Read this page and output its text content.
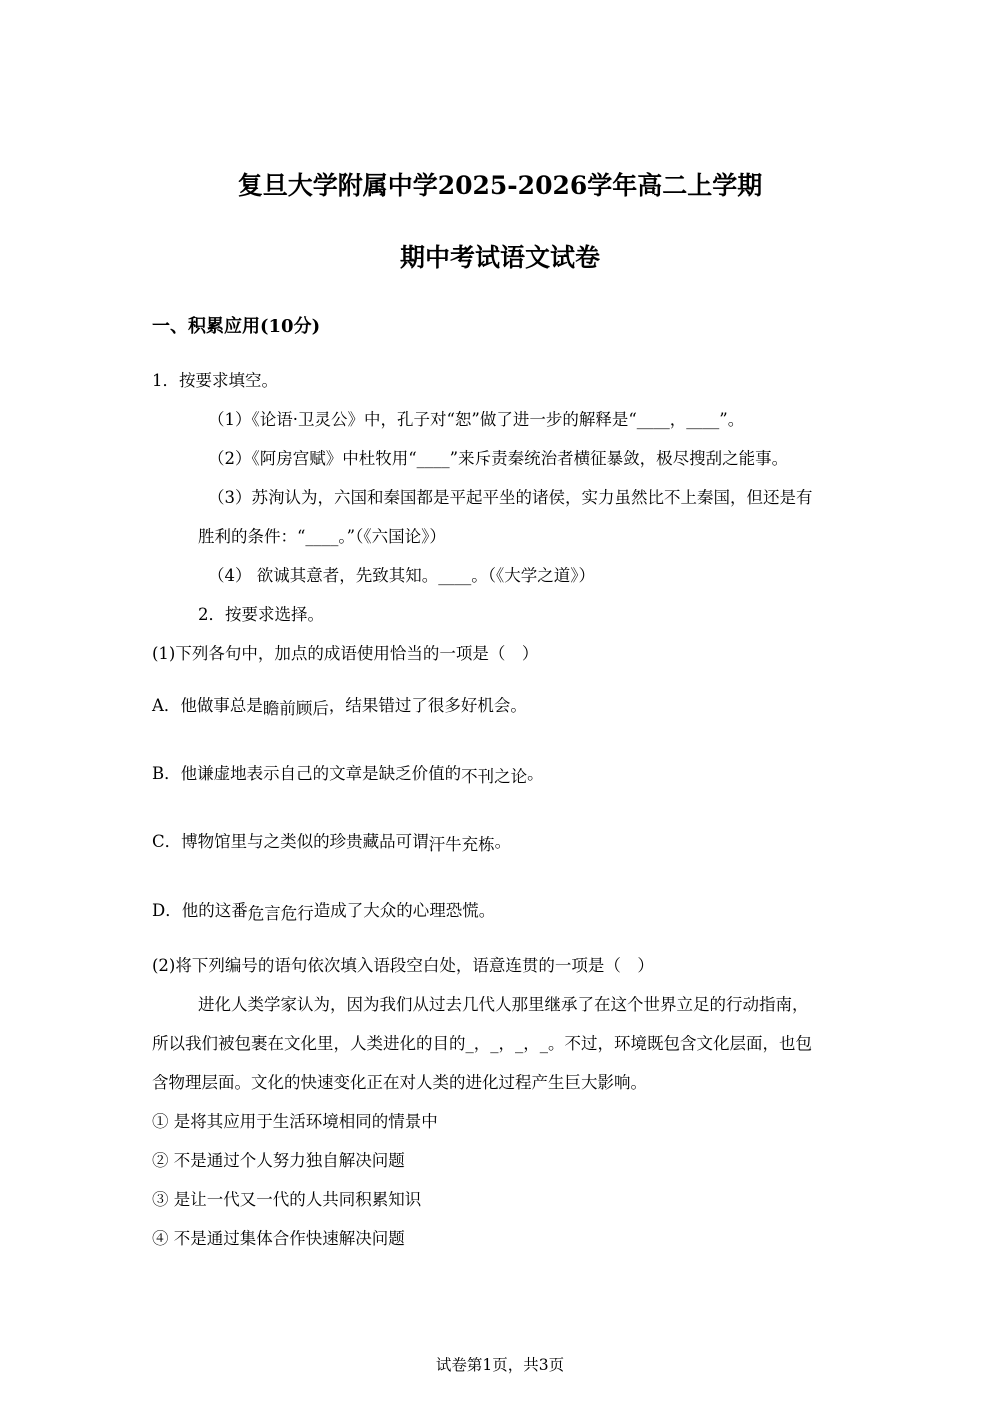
复旦大学附属中学2025-2026学年高二上学期
期中考试语文试卷
一、积累应用(10分)
1．按要求填空。
（1）《论语·卫灵公》中，孔子对“恕”做了进一步的解释是“____，____”。
（2）《阿房宫赋》中杜牧用“____”来斥责秦统治者横征暴敛，极尽搜刮之能事。
（3）苏洵认为，六国和秦国都是平起平坐的诸侯，实力虽然比不上秦国，但还是有
胜利的条件：“____。”（《六国论》）
（4） 欲诚其意者，先致其知。____。（《大学之道》）
2．按要求选择。
(1)下列各句中，加点的成语使用恰当的一项是（　）
A．他做事总是瞻前顾后，结果错过了很多好机会。
B．他谦虚地表示自己的文章是缺乏价值的不刊之论。
C．博物馆里与之类似的珍贵藏品可谓汗牛充栋。
D．他的这番危言危行造成了大众的心理恐慌。
(2)将下列编号的语句依次填入语段空白处，语意连贯的一项是（　）
进化人类学家认为，因为我们从过去几代人那里继承了在这个世界立足的行动指南，
所以我们被包裹在文化里，人类进化的目的_，_，_，_。不过，环境既包含文化层面，也包
含物理层面。文化的快速变化正在对人类的进化过程产生巨大影响。
① 是将其应用于生活环境相同的情景中
② 不是通过个人努力独自解决问题
③ 是让一代又一代的人共同积累知识
④ 不是通过集体合作快速解决问题
试卷第1页，共3页
